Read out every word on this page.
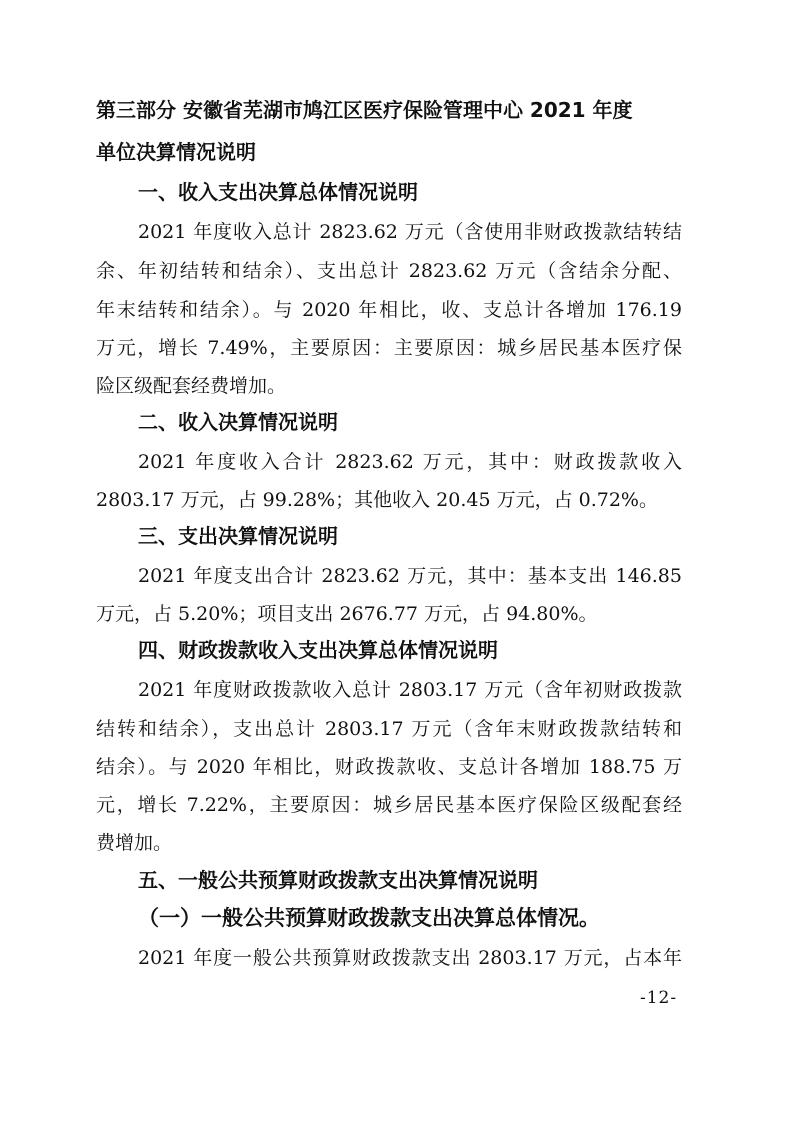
第三部分 安徽省芜湖市鸠江区医疗保险管理中心 2021 年度
单位决算情况说明
一、收入支出决算总体情况说明
2021 年度收入总计 2823.62 万元（含使用非财政拨款结转结
余、年初结转和结余）、支出总计 2823.62 万元（含结余分配、
年末结转和结余）。与 2020 年相比，收、支总计各增加 176.19
万元，增长 7.49%，主要原因：主要原因：城乡居民基本医疗保
险区级配套经费增加。
二、收入决算情况说明
2021 年度收入合计 2823.62 万元，其中：财政拨款收入
2803.17 万元，占 99.28%；其他收入 20.45 万元，占 0.72%。
三、支出决算情况说明
2021 年度支出合计 2823.62 万元，其中：基本支出 146.85
万元，占 5.20%；项目支出 2676.77 万元，占 94.80%。
四、财政拨款收入支出决算总体情况说明
2021 年度财政拨款收入总计 2803.17 万元（含年初财政拨款
结转和结余），支出总计 2803.17 万元（含年末财政拨款结转和
结余）。与 2020 年相比，财政拨款收、支总计各增加 188.75 万
元，增长 7.22%，主要原因：城乡居民基本医疗保险区级配套经
费增加。
五、一般公共预算财政拨款支出决算情况说明
（一）一般公共预算财政拨款支出决算总体情况。
2021 年度一般公共预算财政拨款支出 2803.17 万元，占本年
-12-
